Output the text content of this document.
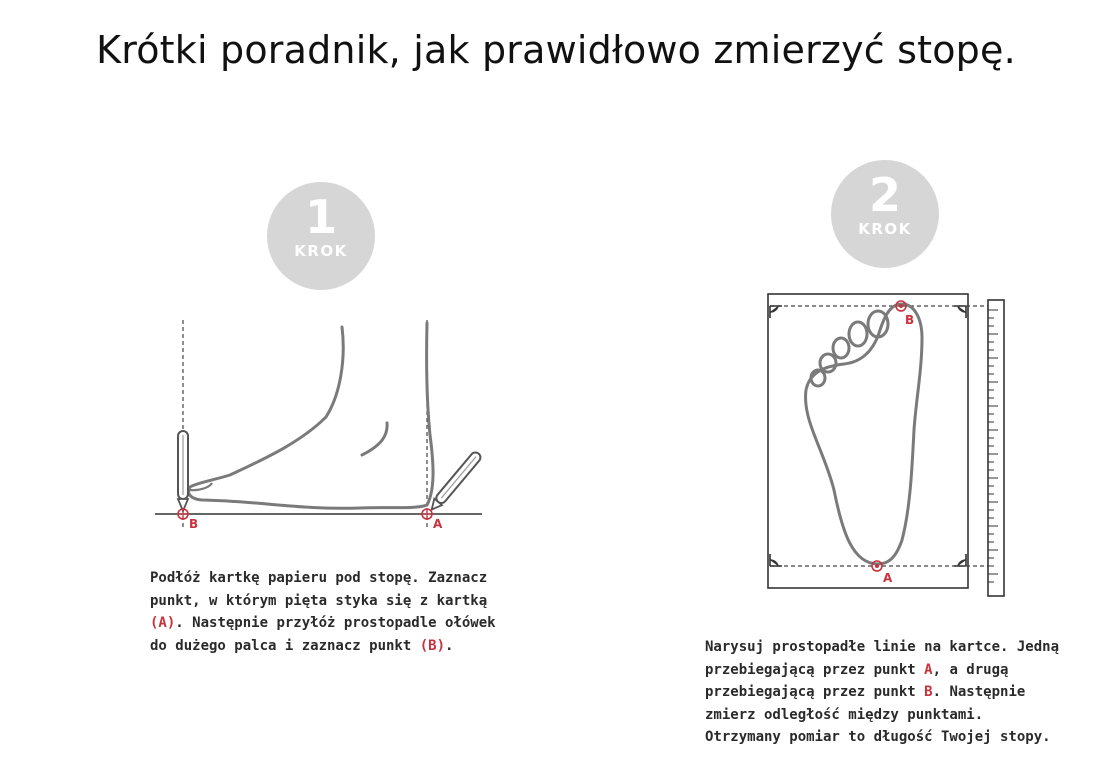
Krótki poradnik, jak prawidłowo zmierzyć stopę.
1
KROK
B	A
Podłóż kartkę papieru pod stopę. Zaznacz
punkt, w którym pięta styka się z kartką
(A). Następnie przyłóż prostopadle ołówek
do dużego palca i zaznacz punkt (B).
2
KROK
B
A
Narysuj prostopadłe linie na kartce. Jedną
przebiegającą przez punkt A, a drugą
przebiegającą przez punkt B. Następnie
zmierz odległość między punktami.
Otrzymany pomiar to długość Twojej stopy.
